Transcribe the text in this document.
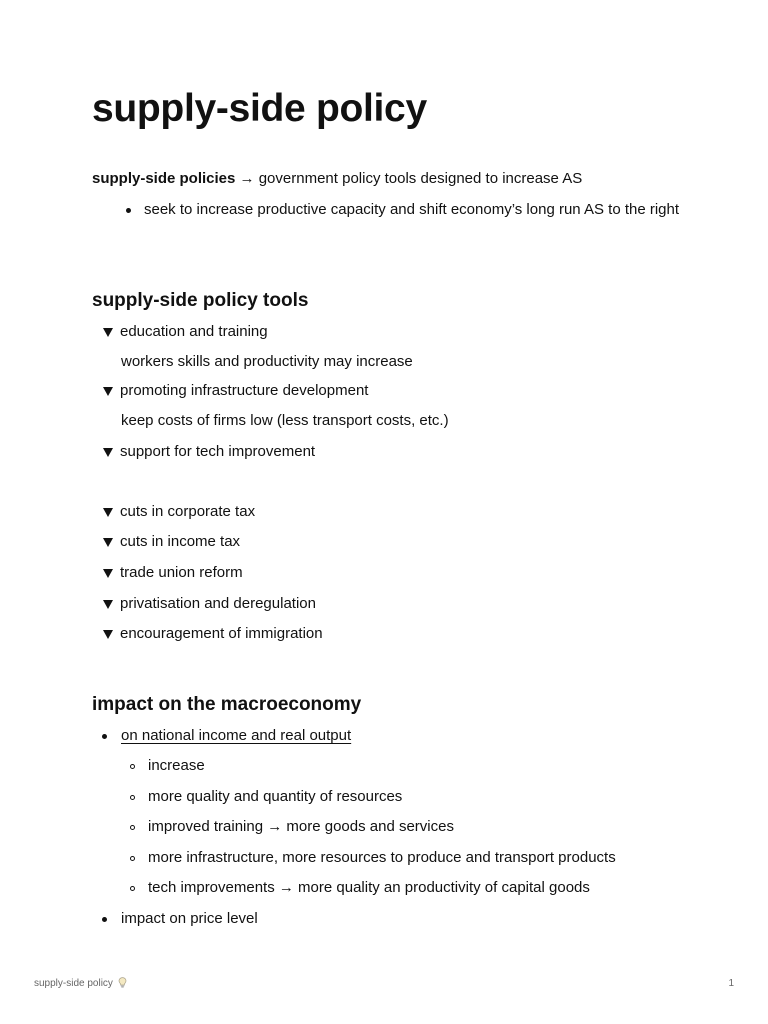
supply-side policy

supply-side policies → government policy tools designed to increase AS

seek to increase productive capacity and shift economy’s long run AS to the right

supply-side policy tools

education and training

workers skills and productivity may increase

promoting infrastructure development

keep costs of firms low (less transport costs, etc.)

support for tech improvement

cuts in corporate tax

cuts in income tax

trade union reform

privatisation and deregulation

encouragement of immigration

impact on the macroeconomy

on national income and real output

increase

more quality and quantity of resources

improved training → more goods and services

more infrastructure, more resources to produce and transport products

tech improvements → more quality an productivity of capital goods

impact on price level

supply-side policy	1
